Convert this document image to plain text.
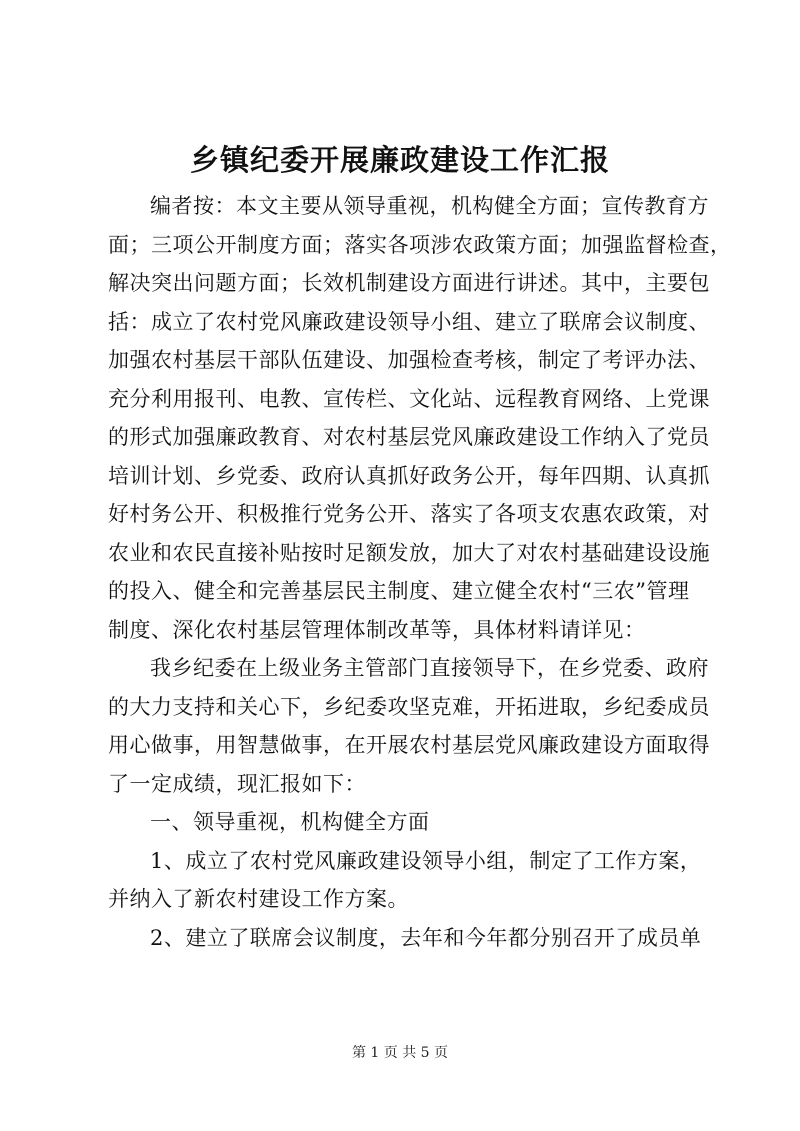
乡镇纪委开展廉政建设工作汇报
编者按：本文主要从领导重视，机构健全方面；宣传教育方
面；三项公开制度方面；落实各项涉农政策方面；加强监督检查，
解决突出问题方面；长效机制建设方面进行讲述。其中，主要包
括：成立了农村党风廉政建设领导小组、建立了联席会议制度、
加强农村基层干部队伍建设、加强检查考核，制定了考评办法、
充分利用报刊、电教、宣传栏、文化站、远程教育网络、上党课
的形式加强廉政教育、对农村基层党风廉政建设工作纳入了党员
培训计划、乡党委、政府认真抓好政务公开，每年四期、认真抓
好村务公开、积极推行党务公开、落实了各项支农惠农政策，对
农业和农民直接补贴按时足额发放，加大了对农村基础建设设施
的投入、健全和完善基层民主制度、建立健全农村“三农”管理
制度、深化农村基层管理体制改革等，具体材料请详见：
我乡纪委在上级业务主管部门直接领导下，在乡党委、政府
的大力支持和关心下，乡纪委攻坚克难，开拓进取，乡纪委成员
用心做事，用智慧做事，在开展农村基层党风廉政建设方面取得
了一定成绩，现汇报如下：
一、领导重视，机构健全方面
1、成立了农村党风廉政建设领导小组，制定了工作方案，
并纳入了新农村建设工作方案。
2、建立了联席会议制度，去年和今年都分别召开了成员单
第 1 页 共 5 页
